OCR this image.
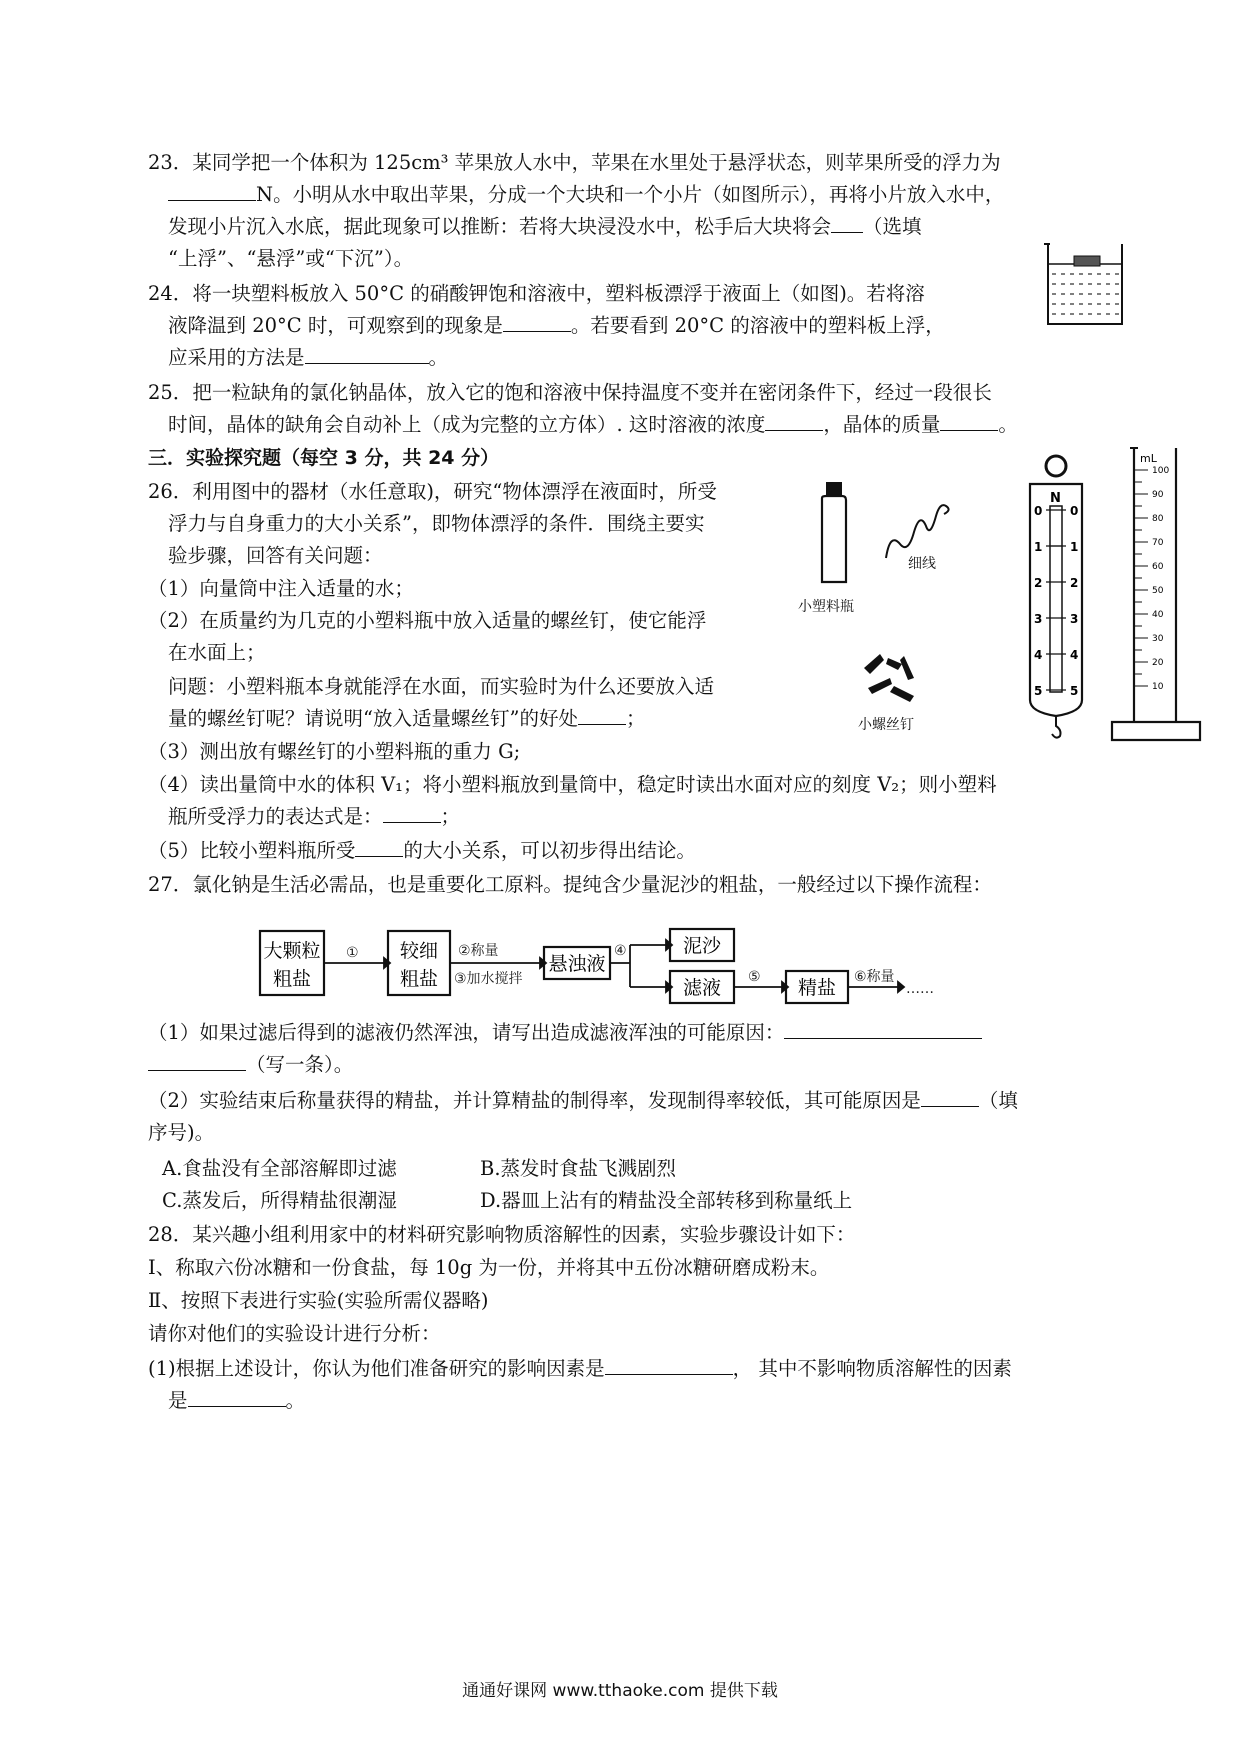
23．某同学把一个体积为 125cm³ 苹果放人水中，苹果在水里处于悬浮状态，则苹果所受的浮力为
N。小明从水中取出苹果，分成一个大块和一个小片（如图所示），再将小片放入水中，
发现小片沉入水底，据此现象可以推断：若将大块浸没水中，松手后大块将会 （选填
“上浮”、“悬浮”或“下沉”）。
24．将一块塑料板放入 50°C 的硝酸钾饱和溶液中，塑料板漂浮于液面上（如图)。若将溶
液降温到 20°C 时，可观察到的现象是	。若要看到 20°C 的溶液中的塑料板上浮，
应采用的方法是	。
25．把一粒缺角的氯化钠晶体，放入它的饱和溶液中保持温度不变并在密闭条件下，经过一段很长
时间，晶体的缺角会自动补上（成为完整的立方体）. 这时溶液的浓度	，晶体的质量	。
三．实验探究题（每空 3 分，共 24 分）
26．利用图中的器材（水任意取)，研究“物体漂浮在液面时，所受
浮力与自身重力的大小关系”，即物体漂浮的条件．围绕主要实
验步骤，回答有关问题：
（1）向量筒中注入适量的水；
（2）在质量约为几克的小塑料瓶中放入适量的螺丝钉，使它能浮
在水面上；
问题：小塑料瓶本身就能浮在水面，而实验时为什么还要放入适
量的螺丝钉呢？请说明“放入适量螺丝钉”的好处 ；
（3）测出放有螺丝钉的小塑料瓶的重力 G;
（4）读出量筒中水的体积 V₁；将小塑料瓶放到量筒中，稳定时读出水面对应的刻度 V₂；则小塑料
瓶所受浮力的表达式是：	；
（5）比较小塑料瓶所受 的大小关系，可以初步得出结论。
小塑料瓶
细线
小螺丝钉
N
0 0
1 1
2 2
3 3
4 4
5 5
mL
100
90
80
70
60
50
40
30
20
10
27．氯化钠是生活必需品，也是重要化工原料。提纯含少量泥沙的粗盐，一般经过以下操作流程：
大颗粒
粗盐
较细
粗盐
悬浊液
泥沙
滤液	精盐
①	②称量
③加水搅拌
④
⑤	⑥称量
……
（1）如果过滤后得到的滤液仍然浑浊，请写出造成滤液浑浊的可能原因：
（写一条）。
（2）实验结束后称量获得的精盐，并计算精盐的制得率，发现制得率较低，其可能原因是	（填
序号)。
A.食盐没有全部溶解即过滤	B.蒸发时食盐飞溅剧烈
C.蒸发后，所得精盐很潮湿	D.器皿上沾有的精盐没全部转移到称量纸上
28．某兴趣小组利用家中的材料研究影响物质溶解性的因素，实验步骤设计如下：
Ⅰ、称取六份冰糖和一份食盐，每 10g 为一份，并将其中五份冰糖研磨成粉末。
Ⅱ、按照下表进行实验(实验所需仪器略)
请你对他们的实验设计进行分析：
(1)根据上述设计，你认为他们准备研究的影响因素是	， 其中不影响物质溶解性的因素
是	。
通通好课网 www.tthaoke.com 提供下载
